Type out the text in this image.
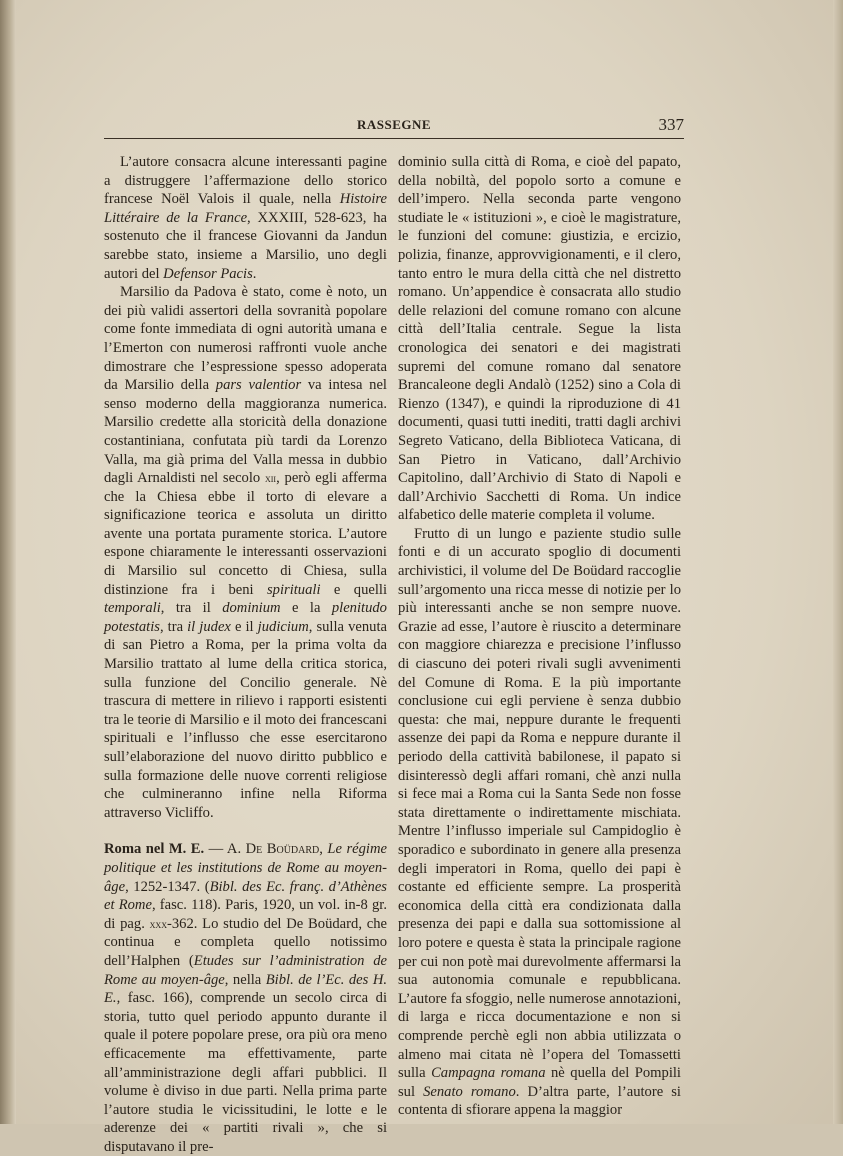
RASSEGNE	337

L’autore consacra alcune interessanti pagine a distruggere l’affermazione dello storico francese Noël Valois il quale, nella Histoire Littéraire de la France, XXXIII, 528-623, ha sostenuto che il francese Giovanni da Jandun sarebbe stato, insieme a Marsilio, uno degli autori del Defensor Pacis.

Marsilio da Padova è stato, come è noto, un dei più validi assertori della sovranità popolare come fonte immediata di ogni autorità umana e l’Emerton con numerosi raffronti vuole anche dimostrare che l’espressione spesso adoperata da Marsilio della pars valentior va intesa nel senso moderno della maggioranza numerica. Marsilio credette alla storicità della donazione costantiniana, confutata più tardi da Lorenzo Valla, ma già prima del Valla messa in dubbio dagli Arnaldisti nel secolo xii, però egli afferma che la Chiesa ebbe il torto di elevare a significazione teorica e assoluta un diritto avente una portata puramente storica. L’autore espone chiaramente le interessanti osservazioni di Marsilio sul concetto di Chiesa, sulla distinzione fra i beni spirituali e quelli temporali, tra il dominium e la plenitudo potestatis, tra il judex e il judicium, sulla venuta di san Pietro a Roma, per la prima volta da Marsilio trattato al lume della critica storica, sulla funzione del Concilio generale. Nè trascura di mettere in rilievo i rapporti esistenti tra le teorie di Marsilio e il moto dei francescani spirituali e l’influsso che esse esercitarono sull’elaborazione del nuovo diritto pubblico e sulla formazione delle nuove correnti religiose che culmineranno infine nella Riforma attraverso Vicliffo.

Roma nel M. E. — A. De Boüdard, Le régime politique et les institutions de Rome au moyen-âge, 1252-1347. (Bibl. des Ec. franç. d’Athènes et Rome, fasc. 118). Paris, 1920, un vol. in-8 gr. di pag. xxx-362. Lo studio del De Boüdard, che continua e completa quello notissimo dell’Halphen (Etudes sur l’administration de Rome au moyen-âge, nella Bibl. de l’Ec. des H. E., fasc. 166), comprende un secolo circa di storia, tutto quel periodo appunto durante il quale il potere popolare prese, ora più ora meno efficacemente ma effettivamente, parte all’amministrazione degli affari pubblici. Il volume è diviso in due parti. Nella prima parte l’autore studia le vicissitudini, le lotte e le aderenze dei « partiti rivali », che si disputavano il pre-

dominio sulla città di Roma, e cioè del papato, della nobiltà, del popolo sorto a comune e dell’impero. Nella seconda parte vengono studiate le « istituzioni », e cioè le magistrature, le funzioni del comune: giustizia, e ercizio, polizia, finanze, approvvigionamenti, e il clero, tanto entro le mura della città che nel distretto romano. Un’appendice è consacrata allo studio delle relazioni del comune romano con alcune città dell’Italia centrale. Segue la lista cronologica dei senatori e dei magistrati supremi del comune romano dal senatore Brancaleone degli Andalò (1252) sino a Cola di Rienzo (1347), e quindi la riproduzione di 41 documenti, quasi tutti inediti, tratti dagli archivi Segreto Vaticano, della Biblioteca Vaticana, di San Pietro in Vaticano, dall’Archivio Capitolino, dall’Archivio di Stato di Napoli e dall’Archivio Sacchetti di Roma. Un indice alfabetico delle materie completa il volume.

Frutto di un lungo e paziente studio sulle fonti e di un accurato spoglio di documenti archivistici, il volume del De Boüdard raccoglie sull’argomento una ricca messe di notizie per lo più interessanti anche se non sempre nuove. Grazie ad esse, l’autore è riuscito a determinare con maggiore chiarezza e precisione l’influsso di ciascuno dei poteri rivali sugli avvenimenti del Comune di Roma. E la più importante conclusione cui egli perviene è senza dubbio questa: che mai, neppure durante le frequenti assenze dei papi da Roma e neppure durante il periodo della cattività babilonese, il papato si disinteressò degli affari romani, chè anzi nulla si fece mai a Roma cui la Santa Sede non fosse stata direttamente o indirettamente mischiata. Mentre l’influsso imperiale sul Campidoglio è sporadico e subordinato in genere alla presenza degli imperatori in Roma, quello dei papi è costante ed efficiente sempre. La prosperità economica della città era condizionata dalla presenza dei papi e dalla sua sottomissione al loro potere e questa è stata la principale ragione per cui non potè mai durevolmente affermarsi la sua autonomia comunale e repubblicana. L’autore fa sfoggio, nelle numerose annotazioni, di larga e ricca documentazione e non si comprende perchè egli non abbia utilizzata o almeno mai citata nè l’opera del Tomassetti sulla Campagna romana nè quella del Pompili sul Senato romano. D’altra parte, l’autore si contenta di sfiorare appena la maggior
